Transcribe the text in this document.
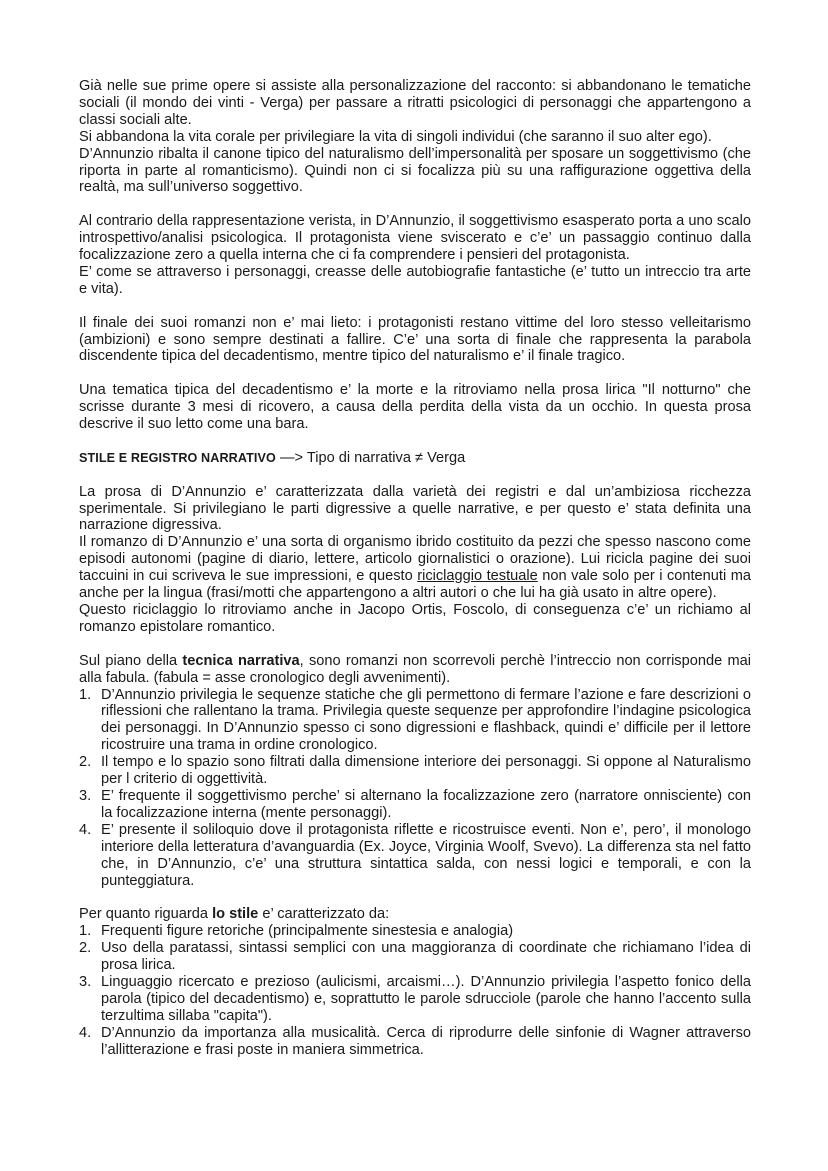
Già nelle sue prime opere si assiste alla personalizzazione del racconto: si abbandonano le tematiche sociali (il mondo dei vinti - Verga) per passare a ritratti psicologici di personaggi che appartengono a classi sociali alte.

Si abbandona la vita corale per privilegiare la vita di singoli individui (che saranno il suo alter ego).

D’Annunzio ribalta il canone tipico del naturalismo dell’impersonalità per sposare un soggettivismo (che riporta in parte al romanticismo). Quindi non ci si focalizza più su una raffigurazione oggettiva della realtà, ma sull’universo soggettivo.

Al contrario della rappresentazione verista, in D’Annunzio, il soggettivismo esasperato porta a uno scalo introspettivo/analisi psicologica. Il protagonista viene sviscerato e c’e’ un passaggio continuo dalla focalizzazione zero a quella interna che ci fa comprendere i pensieri del protagonista.

E’ come se attraverso i personaggi, creasse delle autobiografie fantastiche (e’ tutto un intreccio tra arte e vita).

Il finale dei suoi romanzi non e’ mai lieto: i protagonisti restano vittime del loro stesso velleitarismo (ambizioni) e sono sempre destinati a fallire. C’e’ una sorta di finale che rappresenta la parabola discendente tipica del decadentismo, mentre tipico del naturalismo e’ il finale tragico.

Una tematica tipica del decadentismo e’ la morte e la ritroviamo nella prosa lirica "Il notturno" che scrisse durante 3 mesi di ricovero, a causa della perdita della vista da un occhio. In questa prosa descrive il suo letto come una bara.

STILE E REGISTRO NARRATIVO —> Tipo di narrativa ≠ Verga

La prosa di D’Annunzio e’ caratterizzata dalla varietà dei registri e dal un’ambiziosa ricchezza sperimentale. Si privilegiano le parti digressive a quelle narrative, e per questo e’ stata definita una narrazione digressiva.

Il romanzo di D’Annunzio e’ una sorta di organismo ibrido costituito da pezzi che spesso nascono come episodi autonomi (pagine di diario, lettere, articolo giornalistici o orazione). Lui ricicla pagine dei suoi taccuini in cui scriveva le sue impressioni, e questo riciclaggio testuale non vale solo per i contenuti ma anche per la lingua (frasi/motti che appartengono a altri autori o che lui ha già usato in altre opere).

Questo riciclaggio lo ritroviamo anche in Jacopo Ortis, Foscolo, di conseguenza c’e’ un richiamo al romanzo epistolare romantico.

Sul piano della tecnica narrativa, sono romanzi non scorrevoli perchè l’intreccio non corrisponde mai alla fabula. (fabula = asse cronologico degli avvenimenti).

1. D’Annunzio privilegia le sequenze statiche che gli permettono di fermare l’azione e fare descrizioni o riflessioni che rallentano la trama. Privilegia queste sequenze per approfondire l’indagine psicologica dei personaggi. In D’Annunzio spesso ci sono digressioni e flashback, quindi e’ difficile per il lettore ricostruire una trama in ordine cronologico.
2. Il tempo e lo spazio sono filtrati dalla dimensione interiore dei personaggi. Si oppone al Naturalismo per l criterio di oggettività.
3. E’ frequente il soggettivismo perche’ si alternano la focalizzazione zero (narratore onnisciente) con la focalizzazione interna (mente personaggi).
4. E’ presente il soliloquio dove il protagonista riflette e ricostruisce eventi. Non e’, pero’, il monologo interiore della letteratura d’avanguardia (Ex. Joyce, Virginia Woolf, Svevo). La differenza sta nel fatto che, in D’Annunzio, c’e’ una struttura sintattica salda, con nessi logici e temporali, e con la punteggiatura.

Per quanto riguarda lo stile e’ caratterizzato da:

1. Frequenti figure retoriche (principalmente sinestesia e analogia)
2. Uso della paratassi, sintassi semplici con una maggioranza di coordinate che richiamano l’idea di prosa lirica.
3. Linguaggio ricercato e prezioso (aulicismi, arcaismi…). D’Annunzio privilegia l’aspetto fonico della parola (tipico del decadentismo) e, soprattutto le parole sdrucciole (parole che hanno l’accento sulla terzultima sillaba "capita").
4. D’Annunzio da importanza alla musicalità. Cerca di riprodurre delle sinfonie di Wagner attraverso l’allitterazione e frasi poste in maniera simmetrica.
